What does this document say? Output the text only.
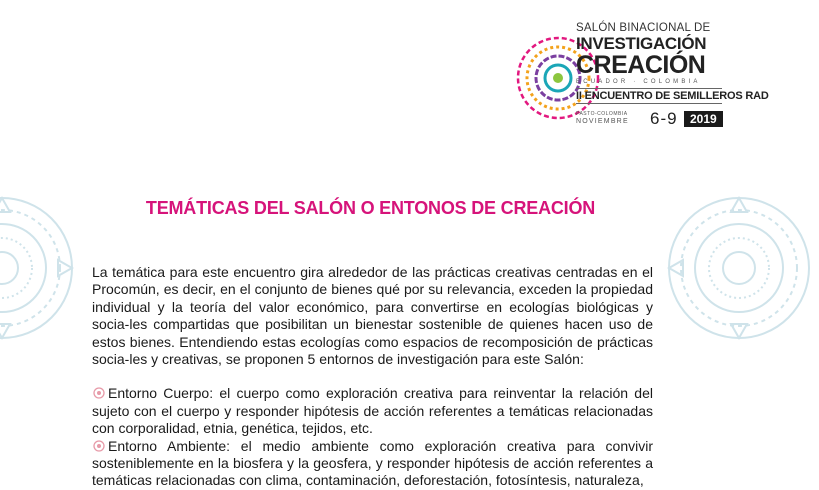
SALÓN BINACIONAL DE
INVESTIGACIÓN
CREACIÓN
ECUADOR · COLOMBIA
II ENCUENTRO DE SEMILLEROS RAD
PASTO-COLOMBIA
NOVIEMBRE 6-9	2019
TEMÁTICAS DEL SALÓN O ENTONOS DE CREACIÓN

La temática para este encuentro gira alrededor de las prácticas creativas centradas en el Procomún, es decir, en el conjunto de bienes qué por su relevancia, exceden la propiedad individual y la teoría del valor económico, para convertirse en ecologías biológicas y socia-les compartidas que posibilitan un bienestar sostenible de quienes hacen uso de estos bienes. Entendiendo estas ecologías como espacios de recomposición de prácticas socia-les y creativas, se proponen 5 entornos de investigación para este Salón:

Entorno Cuerpo: el cuerpo como exploración creativa para reinventar la relación del sujeto con el cuerpo y responder hipótesis de acción referentes a temáticas relacionadas con corporalidad, etnia, genética, tejidos, etc.
Entorno Ambiente: el medio ambiente como exploración creativa para convivir sosteniblemente en la biosfera y la geosfera, y responder hipótesis de acción referentes a temáticas relacionadas con clima, contaminación, deforestación, fotosíntesis, naturaleza,
